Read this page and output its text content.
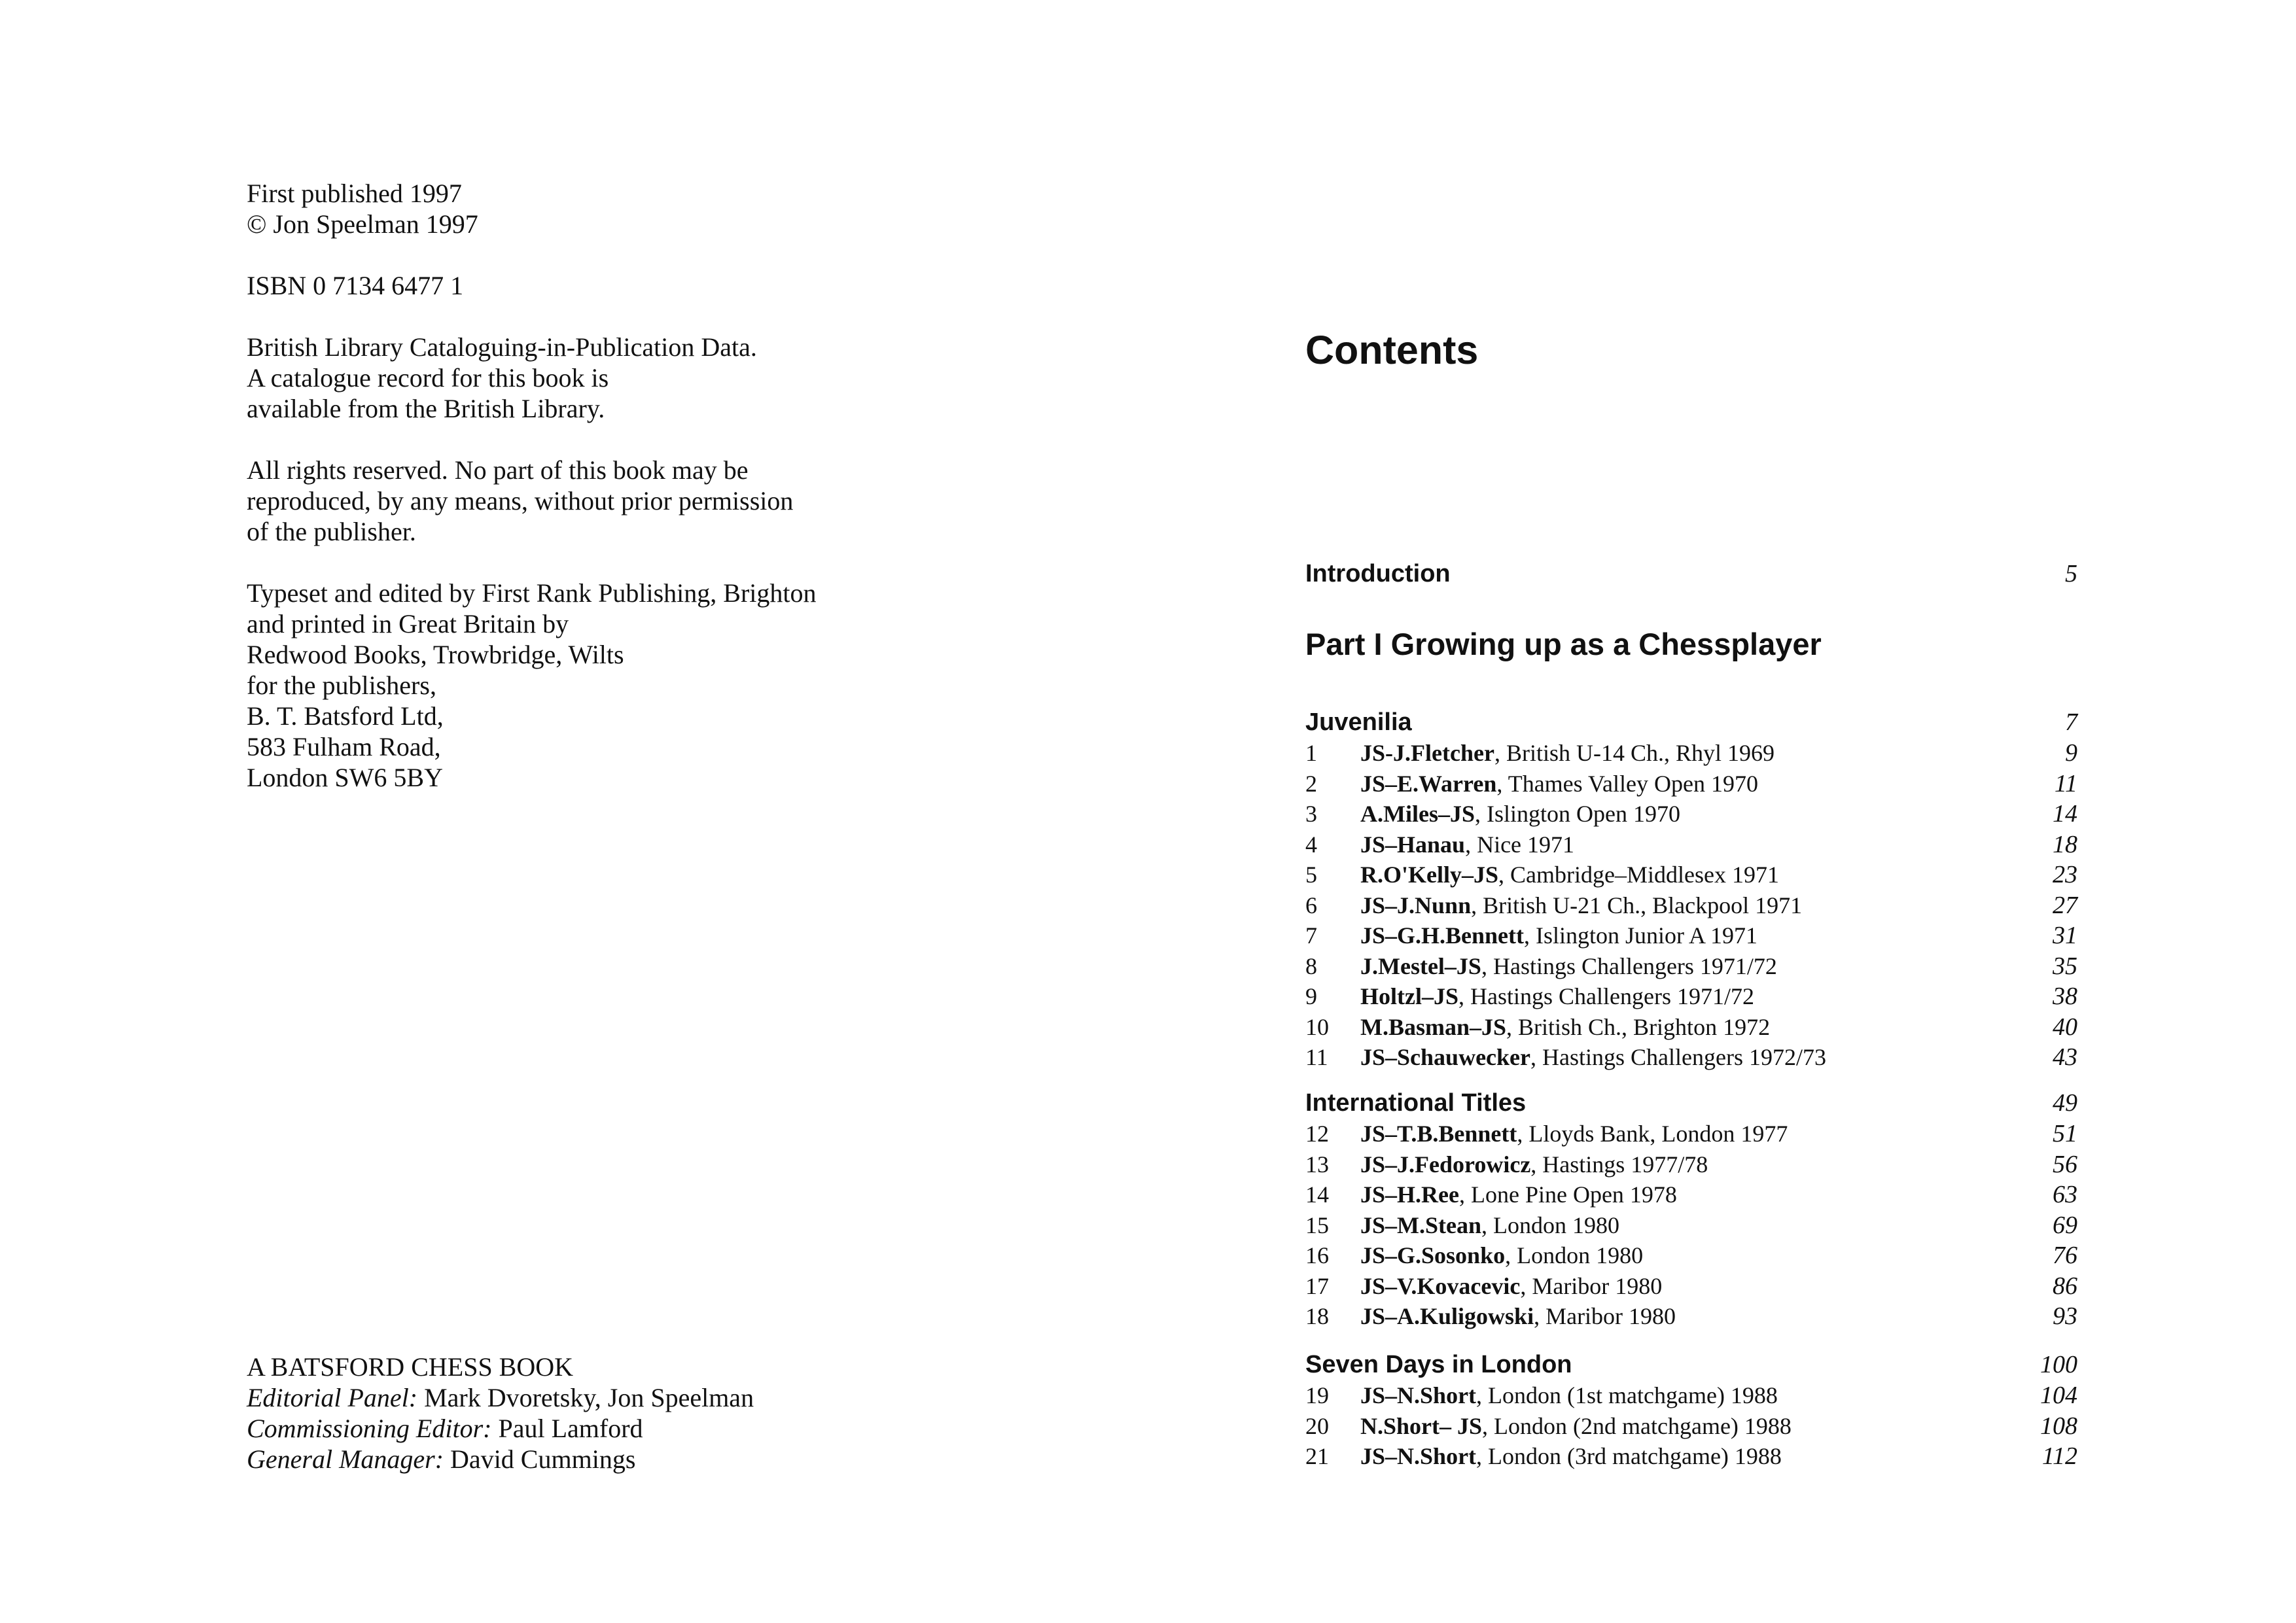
First published 1997
© Jon Speelman 1997
ISBN 0 7134 6477 1
British Library Cataloguing-in-Publication Data.
A catalogue record for this book is
available from the British Library.
All rights reserved. No part of this book may be
reproduced, by any means, without prior permission
of the publisher.
Typeset and edited by First Rank Publishing, Brighton
and printed in Great Britain by
Redwood Books, Trowbridge, Wilts
for the publishers,
B. T. Batsford Ltd,
583 Fulham Road,
London SW6 5BY
A BATSFORD CHESS BOOK
Editorial Panel: Mark Dvoretsky, Jon Speelman
Commissioning Editor: Paul Lamford
General Manager: David Cummings
Contents
Introduction	5
Part I Growing up as a Chessplayer
Juvenilia	7
1	JS-J.Fletcher, British U-14 Ch., Rhyl 1969	9
2	JS–E.Warren, Thames Valley Open 1970	11
3	A.Miles–JS, Islington Open 1970	14
4	JS–Hanau, Nice 1971	18
5	R.O'Kelly–JS, Cambridge–Middlesex 1971	23
6	JS–J.Nunn, British U-21 Ch., Blackpool 1971	27
7	JS–G.H.Bennett, Islington Junior A 1971	31
8	J.Mestel–JS, Hastings Challengers 1971/72	35
9	Holtzl–JS, Hastings Challengers 1971/72	38
10	M.Basman–JS, British Ch., Brighton 1972	40
11	JS–Schauwecker, Hastings Challengers 1972/73	43
International Titles	49
12	JS–T.B.Bennett, Lloyds Bank, London 1977	51
13	JS–J.Fedorowicz, Hastings 1977/78	56
14	JS–H.Ree, Lone Pine Open 1978	63
15	JS–M.Stean, London 1980	69
16	JS–G.Sosonko, London 1980	76
17	JS–V.Kovacevic, Maribor 1980	86
18	JS–A.Kuligowski, Maribor 1980	93
Seven Days in London	100
19	JS–N.Short, London (1st matchgame) 1988	104
20	N.Short– JS, London (2nd matchgame) 1988	108
21	JS–N.Short, London (3rd matchgame) 1988	112
